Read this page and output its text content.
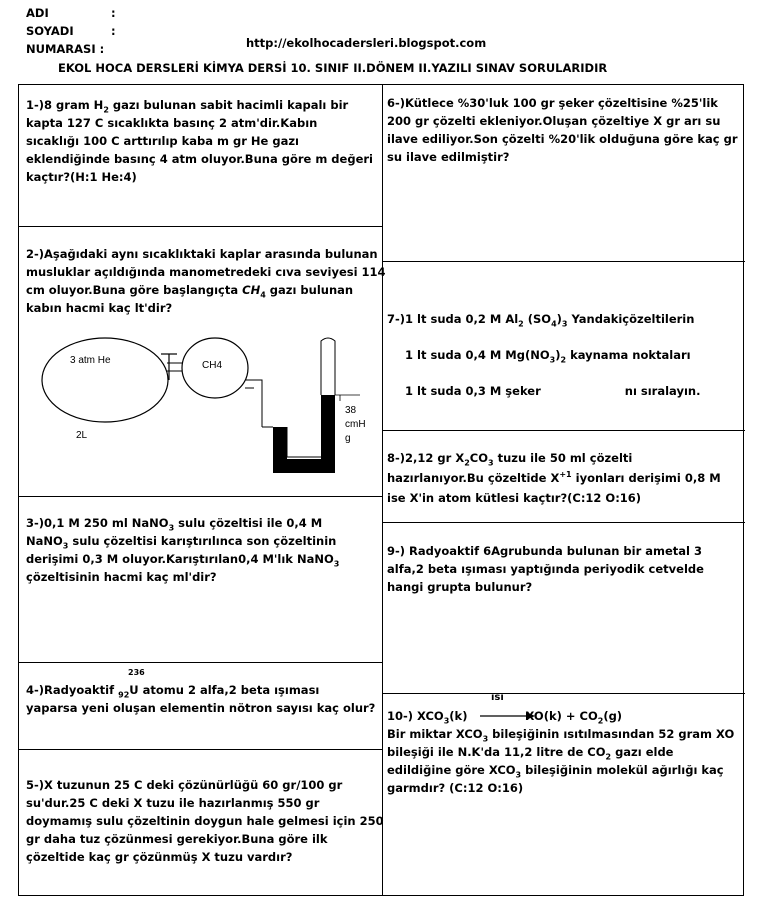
ADI	:
SOYADI	:
NUMARASI :	http://ekolhocadersleri.blogspot.com
EKOL HOCA DERSLERİ KİMYA DERSİ 10. SINIF II.DÖNEM II.YAZILI SINAV SORULARIDIR

1-)8 gram $H_2$ gazı bulunan sabit hacimli kapalı bir

kapta 127 C sıcaklıkta basınç 2 atm'dir.Kabın

sıcaklığı 100 C arttırılıp kaba m gr He gazı

eklendiğinde basınç 4 atm oluyor.Buna göre m değeri

kaçtır?(H:1 He:4)

2-)Aşağıdaki aynı sıcaklıktaki kaplar arasında bulunan

musluklar açıldığında manometredeki cıva seviyesi 114

cm oluyor.Buna göre başlangıçta $CH_4$ gazı bulunan

kabın hacmi kaç lt'dir?

3 atm He	CH4
2L
38
cmH
g

3-)0,1 M 250 ml NaNO$_3$ sulu çözeltisi ile 0,4 M

NaNO$_3$ sulu çözeltisi karıştırılınca son çözeltinin

derişimi 0,3 M oluyor.Karıştırılan0,4 M'lık NaNO$_3$

çözeltisinin hacmi kaç ml'dir?

236

4-)Radyoaktif $_{92}$U atomu 2 alfa,2 beta ışıması

yaparsa yeni oluşan elementin nötron sayısı kaç olur?

5-)X tuzunun 25 C deki çözünürlüğü 60 gr/100 gr

su'dur.25 C deki X tuzu ile hazırlanmış 550 gr

doymamış sulu çözeltinin doygun hale gelmesi için 250

gr daha tuz çözünmesi gerekiyor.Buna göre ilk

çözeltide kaç gr çözünmüş X tuzu vardır?

6-)Kütlece %30'luk 100 gr şeker çözeltisine %25'lik

200 gr çözelti ekleniyor.Oluşan çözeltiye X gr arı su

ilave ediliyor.Son çözelti %20'lik olduğuna göre kaç gr

su ilave edilmiştir?

7-)1 lt suda 0,2 M $Al_2$ $(SO_4)_3$ Yandakiçözeltilerin

1 lt suda 0,4 M $Mg(NO_3)_2$ kaynama noktaları

1 lt suda 0,3 M şeker	nı sıralayın.

8-)2,12 gr $X_2CO_3$ tuzu ile 50 ml çözelti

hazırlanıyor.Bu çözeltide $X^{+1}$ iyonları derişimi 0,8 M

ise X'in atom kütlesi kaçtır?(C:12 O:16)

9-) Radyoaktif 6Agrubunda bulunan bir ametal 3

alfa,2 beta ışıması yaptığında periyodik cetvelde

hangi grupta bulunur?

ısı

10-) $XCO_3(k)$	$XO(k) + CO_2(g)$

Bir miktar $XCO_3$ bileşiğinin ısıtılmasından 52 gram XO

bileşiği ile N.K'da 11,2 litre de $CO_2$ gazı elde

edildiğine göre $XCO_3$ bileşiğinin molekül ağırlığı kaç

garmdır? (C:12 O:16)
